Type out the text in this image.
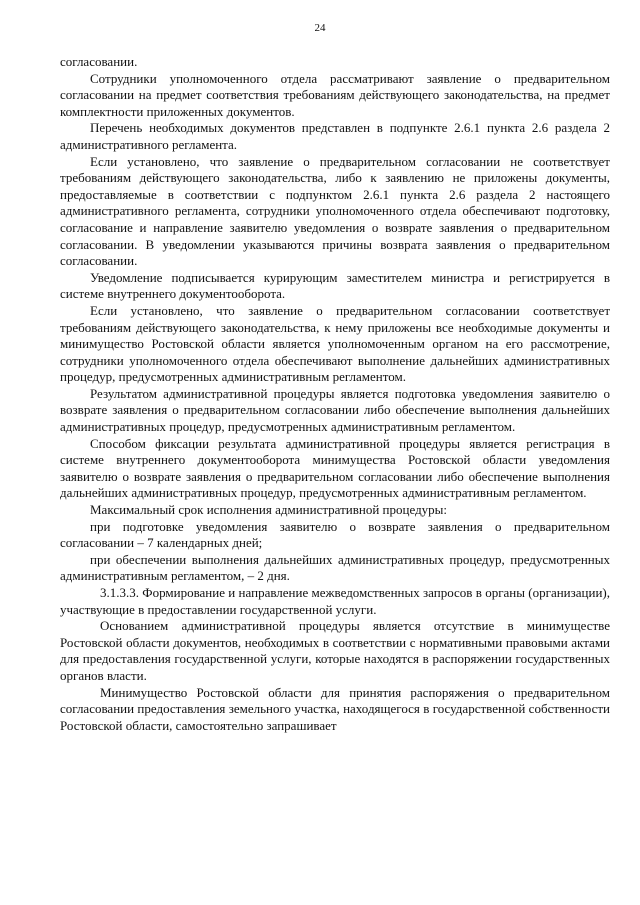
24

согласовании.

Сотрудники уполномоченного отдела рассматривают заявление о предварительном согласовании на предмет соответствия требованиям действующего законодательства, на предмет комплектности приложенных документов.

Перечень необходимых документов представлен в подпункте 2.6.1 пункта 2.6 раздела 2 административного регламента.

Если установлено, что заявление о предварительном согласовании не соответствует требованиям действующего законодательства, либо к заявлению не приложены документы, предоставляемые в соответствии с подпунктом 2.6.1 пункта 2.6 раздела 2 настоящего административного регламента, сотрудники уполномоченного отдела обеспечивают подготовку, согласование и направление заявителю уведомления о возврате заявления о предварительном согласовании. В уведомлении указываются причины возврата заявления о предварительном согласовании.

Уведомление подписывается курирующим заместителем министра и регистрируется в системе внутреннего документооборота.

Если установлено, что заявление о предварительном согласовании соответствует требованиям действующего законодательства, к нему приложены все необходимые документы и минимущество Ростовской области является уполномоченным органом на его рассмотрение, сотрудники уполномоченного отдела обеспечивают выполнение дальнейших административных процедур, предусмотренных административным регламентом.

Результатом административной процедуры является подготовка уведомления заявителю о возврате заявления о предварительном согласовании либо обеспечение выполнения дальнейших административных процедур, предусмотренных административным регламентом.

Способом фиксации результата административной процедуры является регистрация в системе внутреннего документооборота минимущества Ростовской области уведомления заявителю о возврате заявления о предварительном согласовании либо обеспечение выполнения дальнейших административных процедур, предусмотренных административным регламентом.

Максимальный срок исполнения административной процедуры:

при подготовке уведомления заявителю о возврате заявления о предварительном согласовании – 7 календарных дней;

при обеспечении выполнения дальнейших административных процедур, предусмотренных административным регламентом, – 2 дня.

3.1.3.3. Формирование и направление межведомственных запросов в органы (организации), участвующие в предоставлении государственной услуги.

Основанием административной процедуры является отсутствие в минимуществе Ростовской области документов, необходимых в соответствии с нормативными правовыми актами для предоставления государственной услуги, которые находятся в распоряжении государственных органов власти.

Минимущество Ростовской области для принятия распоряжения о предварительном согласовании предоставления земельного участка, находящегося в государственной собственности Ростовской области, самостоятельно запрашивает
